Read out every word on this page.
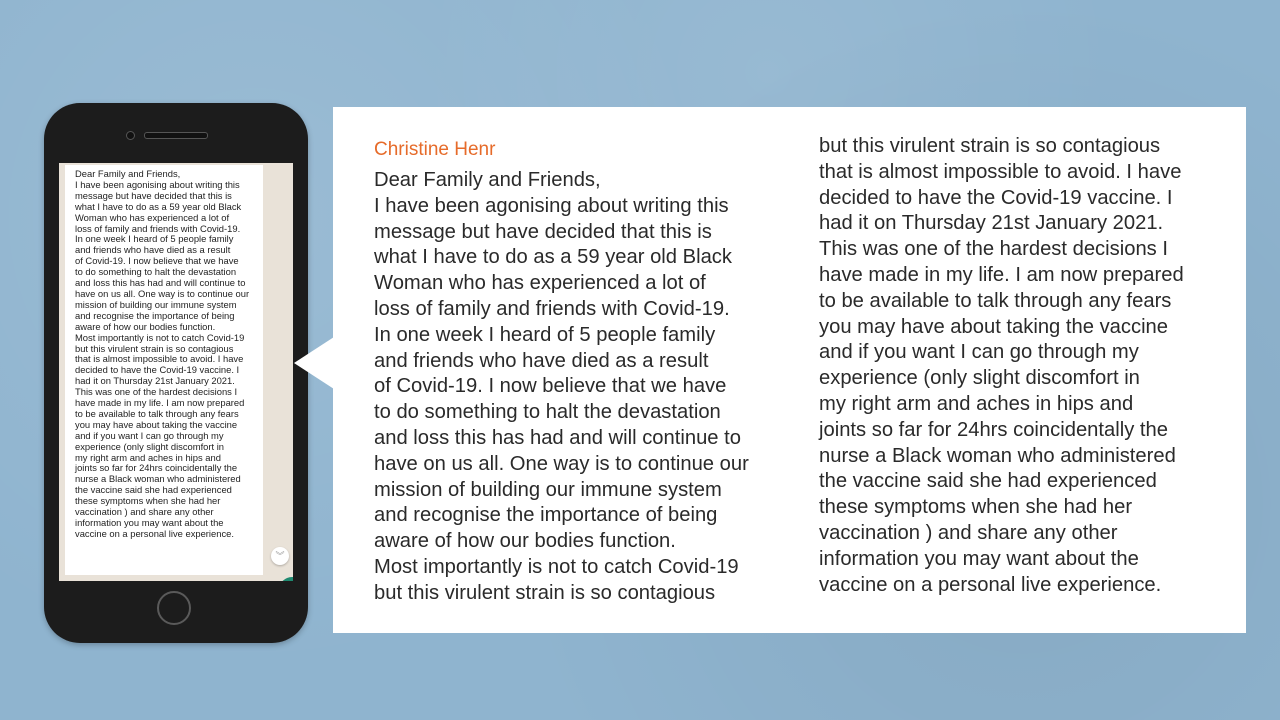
Dear Family and Friends,
I have been agonising about writing this
message but have decided that this is
what I have to do as a 59 year old Black
Woman who has experienced a lot of
loss of family and friends with Covid-19.
In one week I heard of 5 people family
and friends who have died as a result
of Covid-19. I now believe that we have
to do something to halt the devastation
and loss this has had and will continue to
have on us all. One way is to continue our
mission of building our immune system
and recognise the importance of being
aware of how our bodies function.
Most importantly is not to catch Covid-19
but this virulent strain is so contagious
that is almost impossible to avoid. I have
decided to have the Covid-19 vaccine. I
had it on Thursday 21st January 2021.
This was one of the hardest decisions I
have made in my life. I am now prepared
to be available to talk through any fears
you may have about taking the vaccine
and if you want I can go through my
experience (only slight discomfort in
my right arm and aches in hips and
joints so far for 24hrs coincidentally the
nurse a Black woman who administered
the vaccine said she had experienced
these symptoms when she had her
vaccination ) and share any other
information you may want about the
vaccine on a personal live experience.

︾

Christine Henr

Dear Family and Friends,
I have been agonising about writing this
message but have decided that this is
what I have to do as a 59 year old Black
Woman who has experienced a lot of
loss of family and friends with Covid-19.
In one week I heard of 5 people family
and friends who have died as a result
of Covid-19. I now believe that we have
to do something to halt the devastation
and loss this has had and will continue to
have on us all. One way is to continue our
mission of building our immune system
and recognise the importance of being
aware of how our bodies function.
Most importantly is not to catch Covid-19
but this virulent strain is so contagious

but this virulent strain is so contagious
that is almost impossible to avoid. I have
decided to have the Covid-19 vaccine. I
had it on Thursday 21st January 2021.
This was one of the hardest decisions I
have made in my life. I am now prepared
to be available to talk through any fears
you may have about taking the vaccine
and if you want I can go through my
experience (only slight discomfort in
my right arm and aches in hips and
joints so far for 24hrs coincidentally the
nurse a Black woman who administered
the vaccine said she had experienced
these symptoms when she had her
vaccination ) and share any other
information you may want about the
vaccine on a personal live experience.
